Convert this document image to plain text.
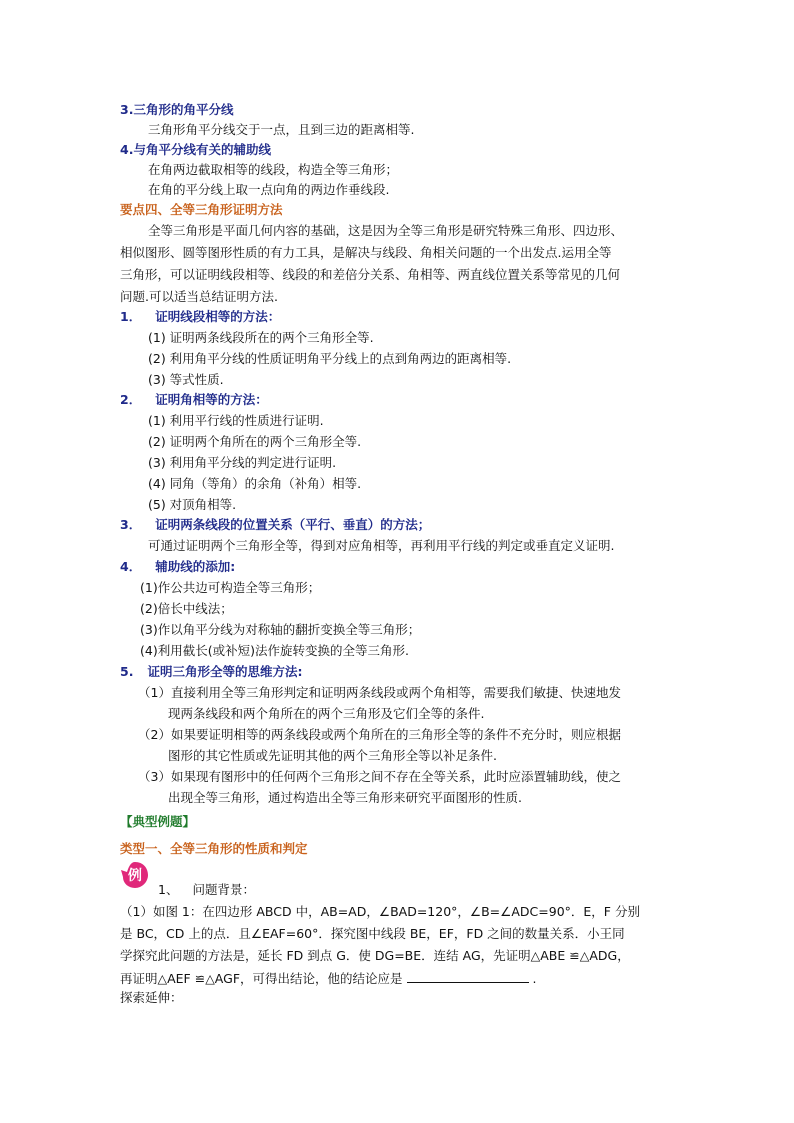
3.三角形的角平分线
三角形角平分线交于一点，且到三边的距离相等.
4.与角平分线有关的辅助线
在角两边截取相等的线段，构造全等三角形；
在角的平分线上取一点向角的两边作垂线段.
要点四、全等三角形证明方法
全等三角形是平面几何内容的基础，这是因为全等三角形是研究特殊三角形、四边形、
相似图形、圆等图形性质的有力工具，是解决与线段、角相关问题的一个出发点.运用全等
三角形，可以证明线段相等、线段的和差倍分关系、角相等、两直线位置关系等常见的几何
问题.可以适当总结证明方法.
1． 证明线段相等的方法：
(1) 证明两条线段所在的两个三角形全等.
(2) 利用角平分线的性质证明角平分线上的点到角两边的距离相等.
(3) 等式性质.
2． 证明角相等的方法：
(1) 利用平行线的性质进行证明.
(2) 证明两个角所在的两个三角形全等.
(3) 利用角平分线的判定进行证明.
(4) 同角（等角）的余角（补角）相等.
(5) 对顶角相等.
3． 证明两条线段的位置关系（平行、垂直）的方法；
可通过证明两个三角形全等，得到对应角相等，再利用平行线的判定或垂直定义证明.
4． 辅助线的添加:
(1)作公共边可构造全等三角形；
(2)倍长中线法；
(3)作以角平分线为对称轴的翻折变换全等三角形；
(4)利用截长(或补短)法作旋转变换的全等三角形.
5. 证明三角形全等的思维方法:
（1）直接利用全等三角形判定和证明两条线段或两个角相等，需要我们敏捷、快速地发
现两条线段和两个角所在的两个三角形及它们全等的条件.
（2）如果要证明相等的两条线段或两个角所在的三角形全等的条件不充分时，则应根据
图形的其它性质或先证明其他的两个三角形全等以补足条件.
（3）如果现有图形中的任何两个三角形之间不存在全等关系，此时应添置辅助线，使之
出现全等三角形，通过构造出全等三角形来研究平面图形的性质.
【典型例题】
类型一、全等三角形的性质和判定
例
1、 问题背景：
（1）如图 1：在四边形 ABCD 中，AB=AD，∠BAD=120°，∠B=∠ADC=90°．E，F 分别
是 BC，CD 上的点．且∠EAF=60°．探究图中线段 BE，EF，FD 之间的数量关系．小王同
学探究此问题的方法是，延长 FD 到点 G．使 DG=BE．连结 AG，先证明△ABE ≌△ADG，
再证明△AEF ≌△AGF，可得出结论，他的结论应是	.
探索延伸：
